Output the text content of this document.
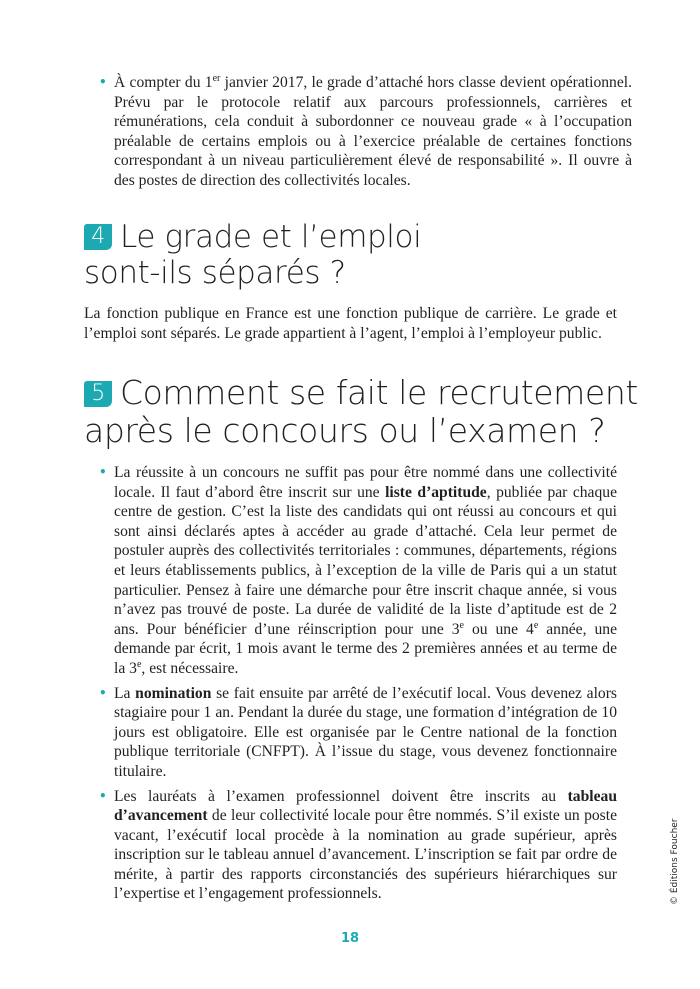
• À compter du 1er janvier 2017, le grade d’attaché hors classe devient opérationnel. Prévu par le protocole relatif aux parcours professionnels, carrières et rémunérations, cela conduit à subordonner ce nouveau grade « à l’occupation préalable de certains emplois ou à l’exercice préalable de certaines fonctions correspondant à un niveau particulièrement élevé de responsabilité ». Il ouvre à des postes de direction des collectivités locales.
4 Le grade et l’emploi
sont-ils séparés ?
La fonction publique en France est une fonction publique de carrière. Le grade et l’emploi sont séparés. Le grade appartient à l’agent, l’emploi à l’employeur public.
5 Comment se fait le recrutement
après le concours ou l’examen ?
• La réussite à un concours ne suffit pas pour être nommé dans une collectivité locale. Il faut d’abord être inscrit sur une liste d’aptitude, publiée par chaque centre de gestion. C’est la liste des candidats qui ont réussi au concours et qui sont ainsi déclarés aptes à accéder au grade d’attaché. Cela leur permet de postuler auprès des collectivités territoriales : communes, départements, régions et leurs établissements publics, à l’exception de la ville de Paris qui a un statut particulier. Pensez à faire une démarche pour être inscrit chaque année, si vous n’avez pas trouvé de poste. La durée de validité de la liste d’aptitude est de 2 ans. Pour bénéficier d’une réinscription pour une 3e ou une 4e année, une demande par écrit, 1 mois avant le terme des 2 premières années et au terme de la 3e, est nécessaire.
• La nomination se fait ensuite par arrêté de l’exécutif local. Vous devenez alors stagiaire pour 1 an. Pendant la durée du stage, une formation d’intégration de 10 jours est obligatoire. Elle est organisée par le Centre national de la fonction publique territoriale (CNFPT). À l’issue du stage, vous devenez fonctionnaire titulaire.
• Les lauréats à l’examen professionnel doivent être inscrits au tableau d’avancement de leur collectivité locale pour être nommés. S’il existe un poste vacant, l’exécutif local procède à la nomination au grade supérieur, après inscription sur le tableau annuel d’avancement. L’inscription se fait par ordre de mérite, à partir des rapports circonstanciés des supérieurs hiérarchiques sur l’expertise et l’engagement professionnels.	© Éditions Foucher
18
